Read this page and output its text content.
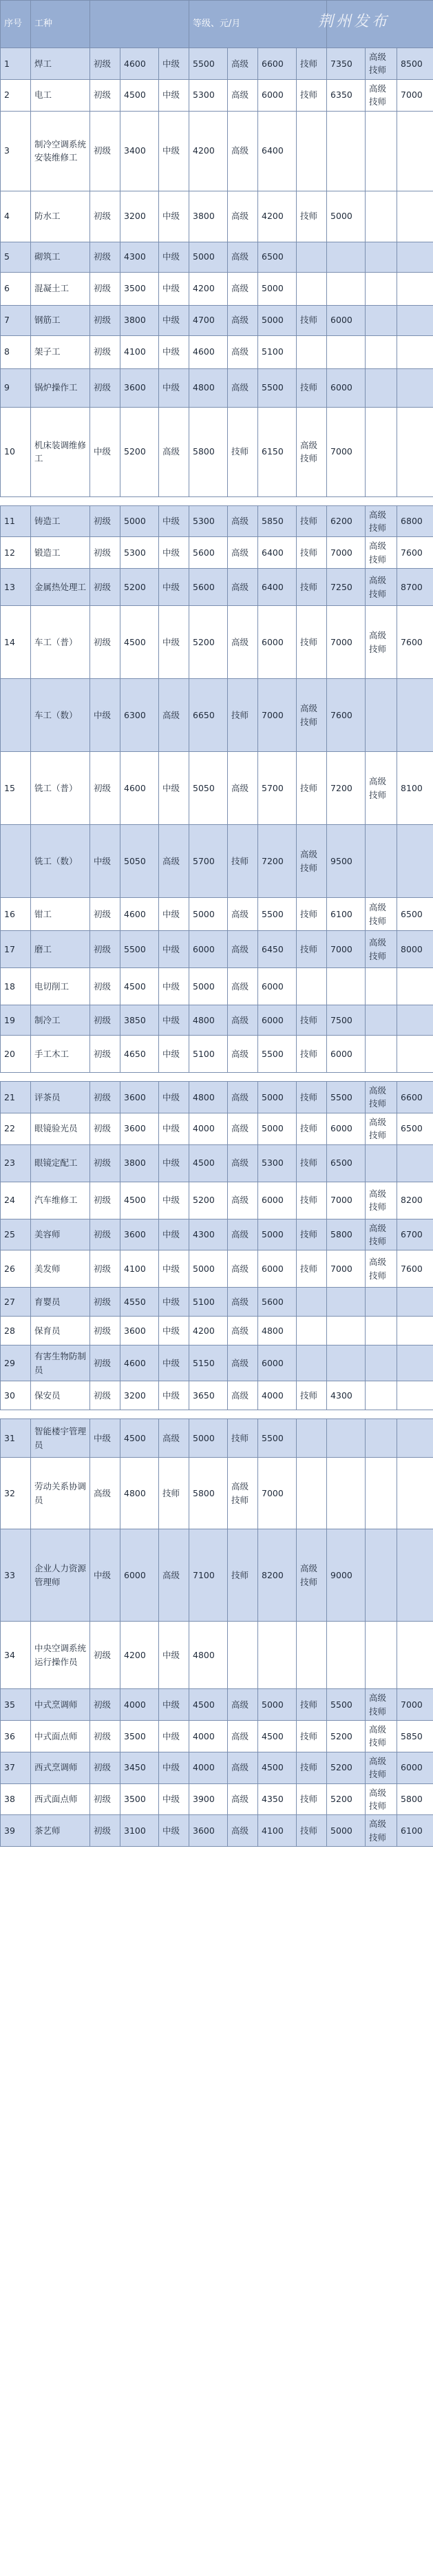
序号	工种				等级、元/月							
1	焊工	初级	4600	中级	5500	高级	6600	技师	7350	高级技师	8500	
2	电工	初级	4500	中级	5300	高级	6000	技师	6350	高级技师	7000	
3	制冷空调系统安装维修工	初级	3400	中级	4200	高级	6400					
4	防水工	初级	3200	中级	3800	高级	4200	技师	5000			
5	砌筑工	初级	4300	中级	5000	高级	6500					
6	混凝土工	初级	3500	中级	4200	高级	5000					
7	钢筋工	初级	3800	中级	4700	高级	5000	技师	6000			
8	架子工	初级	4100	中级	4600	高级	5100					
9	锅炉操作工	初级	3600	中级	4800	高级	5500	技师	6000			
10	机床装调维修工	中级	5200	高级	5800	技师	6150	高级技师	7000			

11	铸造工	初级	5000	中级	5300	高级	5850	技师	6200	高级技师	6800	
12	锻造工	初级	5300	中级	5600	高级	6400	技师	7000	高级技师	7600	
13	金属热处理工	初级	5200	中级	5600	高级	6400	技师	7250	高级技师	8700	
14	车工（普）	初级	4500	中级	5200	高级	6000	技师	7000	高级技师	7600	
	车工（数）	中级	6300	高级	6650	技师	7000	高级技师	7600			
15	铣工（普）	初级	4600	中级	5050	高级	5700	技师	7200	高级技师	8100	
	铣工（数）	中级	5050	高级	5700	技师	7200	高级技师	9500			
16	钳工	初级	4600	中级	5000	高级	5500	技师	6100	高级技师	6500	
17	磨工	初级	5500	中级	6000	高级	6450	技师	7000	高级技师	8000	
18	电切削工	初级	4500	中级	5000	高级	6000					
19	制冷工	初级	3850	中级	4800	高级	6000	技师	7500			
20	手工木工	初级	4650	中级	5100	高级	5500	技师	6000			

21	评茶员	初级	3600	中级	4800	高级	5000	技师	5500	高级技师	6600	
22	眼镜验光员	初级	3600	中级	4000	高级	5000	技师	6000	高级技师	6500	
23	眼镜定配工	初级	3800	中级	4500	高级	5300	技师	6500			
24	汽车维修工	初级	4500	中级	5200	高级	6000	技师	7000	高级技师	8200	
25	美容师	初级	3600	中级	4300	高级	5000	技师	5800	高级技师	6700	
26	美发师	初级	4100	中级	5000	高级	6000	技师	7000	高级技师	7600	
27	育婴员	初级	4550	中级	5100	高级	5600					
28	保育员	初级	3600	中级	4200	高级	4800					
29	有害生物防制员	初级	4600	中级	5150	高级	6000					
30	保安员	初级	3200	中级	3650	高级	4000	技师	4300			

31	智能楼宇管理员	中级	4500	高级	5000	技师	5500					
32	劳动关系协调员	高级	4800	技师	5800	高级技师	7000					
33	企业人力资源管理师	中级	6000	高级	7100	技师	8200	高级技师	9000			
34	中央空调系统运行操作员	初级	4200	中级	4800							
35	中式烹调师	初级	4000	中级	4500	高级	5000	技师	5500	高级技师	7000	
36	中式面点师	初级	3500	中级	4000	高级	4500	技师	5200	高级技师	5850	
37	西式烹调师	初级	3450	中级	4000	高级	4500	技师	5200	高级技师	6000	
38	西式面点师	初级	3500	中级	3900	高级	4350	技师	5200	高级技师	5800	
39	茶艺师	初级	3100	中级	3600	高级	4100	技师	5000	高级技师	6100	
荆州发布
